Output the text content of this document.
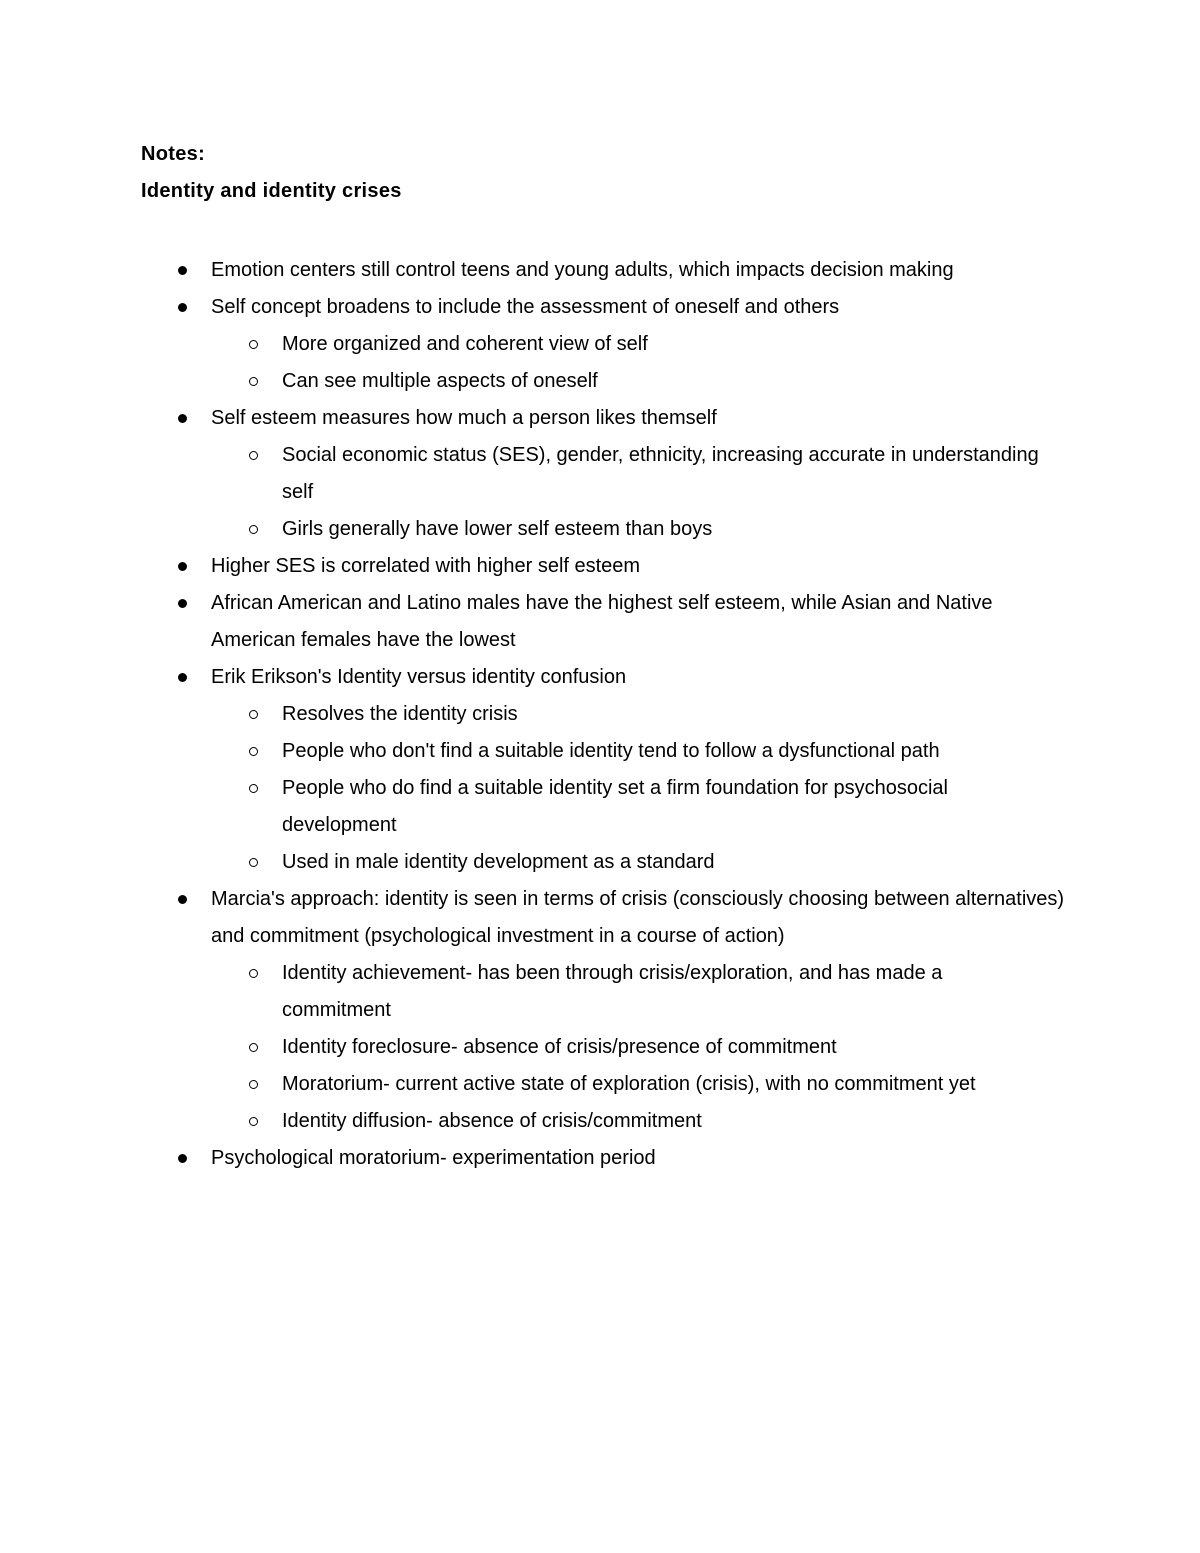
Notes:
Identity and identity crises
Emotion centers still control teens and young adults, which impacts decision making
Self concept broadens to include the assessment of oneself and others
More organized and coherent view of self
Can see multiple aspects of oneself
Self esteem measures how much a person likes themself
Social economic status (SES), gender, ethnicity, increasing accurate in understanding self
Girls generally have lower self esteem than boys
Higher SES is correlated with higher self esteem
African American and Latino males have the highest self esteem, while Asian and Native American females have the lowest
Erik Erikson's Identity versus identity confusion
Resolves the identity crisis
People who don't find a suitable identity tend to follow a dysfunctional path
People who do find a suitable identity set a firm foundation for psychosocial development
Used in male identity development as a standard
Marcia's approach: identity is seen in terms of crisis (consciously choosing between alternatives) and commitment (psychological investment in a course of action)
Identity achievement- has been through crisis/exploration, and has made a commitment
Identity foreclosure- absence of crisis/presence of commitment
Moratorium- current active state of exploration (crisis), with no commitment yet
Identity diffusion- absence of crisis/commitment
Psychological moratorium- experimentation period
